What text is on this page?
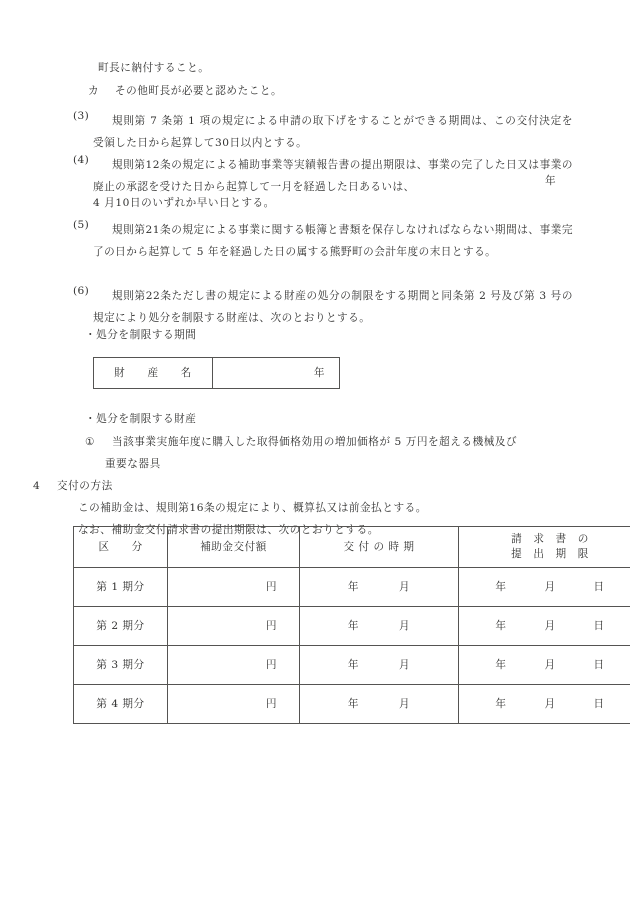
町長に納付すること。
カ その他町長が必要と認めたこと。
(3)	規則第 7 条第 1 項の規定による申請の取下げをすることができる期間は、この交付決定を受領した日から起算して30日以内とする。
(4)	規則第12条の規定による補助事業等実績報告書の提出期限は、事業の完了した日又は事業の廃止の承認を受けた日から起算して一月を経過した日あるいは、	年
4 月10日のいずれか早い日とする。
(5)	規則第21条の規定による事業に関する帳簿と書類を保存しなければならない期間は、事業完了の日から起算して 5 年を経過した日の属する熊野町の会計年度の末日とする。
(6)	規則第22条ただし書の規定による財産の処分の制限をする期間と同条第 2 号及び第 3 号の規定により処分を制限する財産は、次のとおりとする。
・処分を制限する期間
財　　産　　名	年
・処分を制限する財産
① 当該事業実施年度に購入した取得価格効用の増加価格が 5 万円を超える機械及び
重要な器具
4 交付の方法
この補助金は、規則第16条の規定により、概算払又は前金払とする。
なお、補助金交付請求書の提出期限は、次のとおりとする。
区　　分	補助金交付額	交 付 の 時 期	請　求　書　の
提　出　期　限

第 1 期分	円	年 月	年 月 日

第 2 期分	円	年 月	年 月 日

第 3 期分	円	年 月	年 月 日

第 4 期分	円	年 月	年 月 日
